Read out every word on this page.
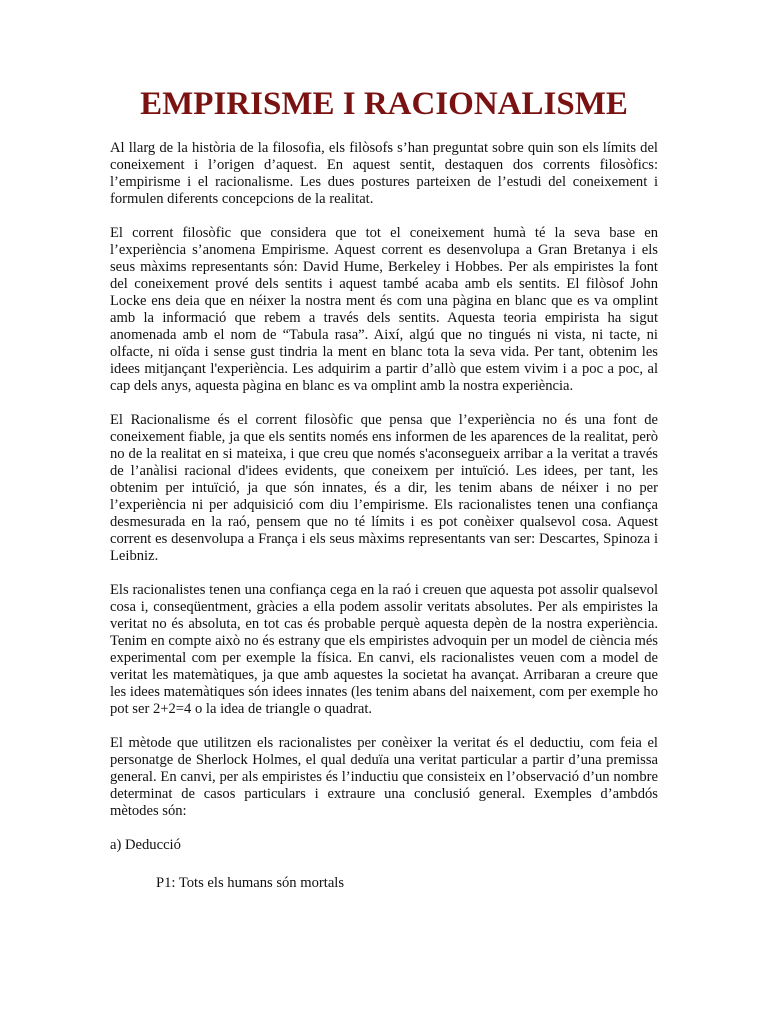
EMPIRISME I RACIONALISME

Al llarg de la història de la filosofia, els filòsofs s’han preguntat sobre quin son els límits del coneixement i l’origen d’aquest. En aquest sentit, destaquen dos corrents filosòfics: l’empirisme i el racionalisme. Les dues postures parteixen de l’estudi del coneixement i formulen diferents concepcions de la realitat.

El corrent filosòfic que considera que tot el coneixement humà té la seva base en l’experiència s’anomena Empirisme. Aquest corrent es desenvolupa a Gran Bretanya i els seus màxims representants són: David Hume, Berkeley i Hobbes. Per als empiristes la font del coneixement prové dels sentits i aquest també acaba amb els sentits. El filòsof John Locke ens deia que en néixer la nostra ment és com una pàgina en blanc que es va omplint amb la informació que rebem a través dels sentits. Aquesta teoria empirista ha sigut anomenada amb el nom de “Tabula rasa”. Així, algú que no tingués ni vista, ni tacte, ni olfacte, ni oïda i sense gust tindria la ment en blanc tota la seva vida. Per tant, obtenim les idees mitjançant l'experiència. Les adquirim a partir d’allò que estem vivim i a poc a poc, al cap dels anys, aquesta pàgina en blanc es va omplint amb la nostra experiència.

El Racionalisme és el corrent filosòfic que pensa que l’experiència no és una font de coneixement fiable, ja que els sentits només ens informen de les aparences de la realitat, però no de la realitat en si mateixa, i que creu que només s'aconsegueix arribar a la veritat a través de l’anàlisi racional d'idees evidents, que coneixem per intuïció. Les idees, per tant, les obtenim per intuïció, ja que són innates, és a dir, les tenim abans de néixer i no per l’experiència ni per adquisició com diu l’empirisme. Els racionalistes tenen una confiança desmesurada en la raó, pensem que no té límits i es pot conèixer qualsevol cosa. Aquest corrent es desenvolupa a França i els seus màxims representants van ser: Descartes, Spinoza i Leibniz.

Els racionalistes tenen una confiança cega en la raó i creuen que aquesta pot assolir qualsevol cosa i, conseqüentment, gràcies a ella podem assolir veritats absolutes. Per als empiristes la veritat no és absoluta, en tot cas és probable perquè aquesta depèn de la nostra experiència. Tenim en compte això no és estrany que els empiristes advoquin per un model de ciència més experimental com per exemple la física. En canvi, els racionalistes veuen com a model de veritat les matemàtiques, ja que amb aquestes la societat ha avançat. Arribaran a creure que les idees matemàtiques són idees innates (les tenim abans del naixement, com per exemple ho pot ser 2+2=4 o la idea de triangle o quadrat.

El mètode que utilitzen els racionalistes per conèixer la veritat és el deductiu, com feia el personatge de Sherlock Holmes, el qual deduïa una veritat particular a partir d’una premissa general. En canvi, per als empiristes és l’inductiu que consisteix en l’observació d’un nombre determinat de casos particulars i extraure una conclusió general. Exemples d’ambdós mètodes són:

a) Deducció

P1: Tots els humans són mortals
